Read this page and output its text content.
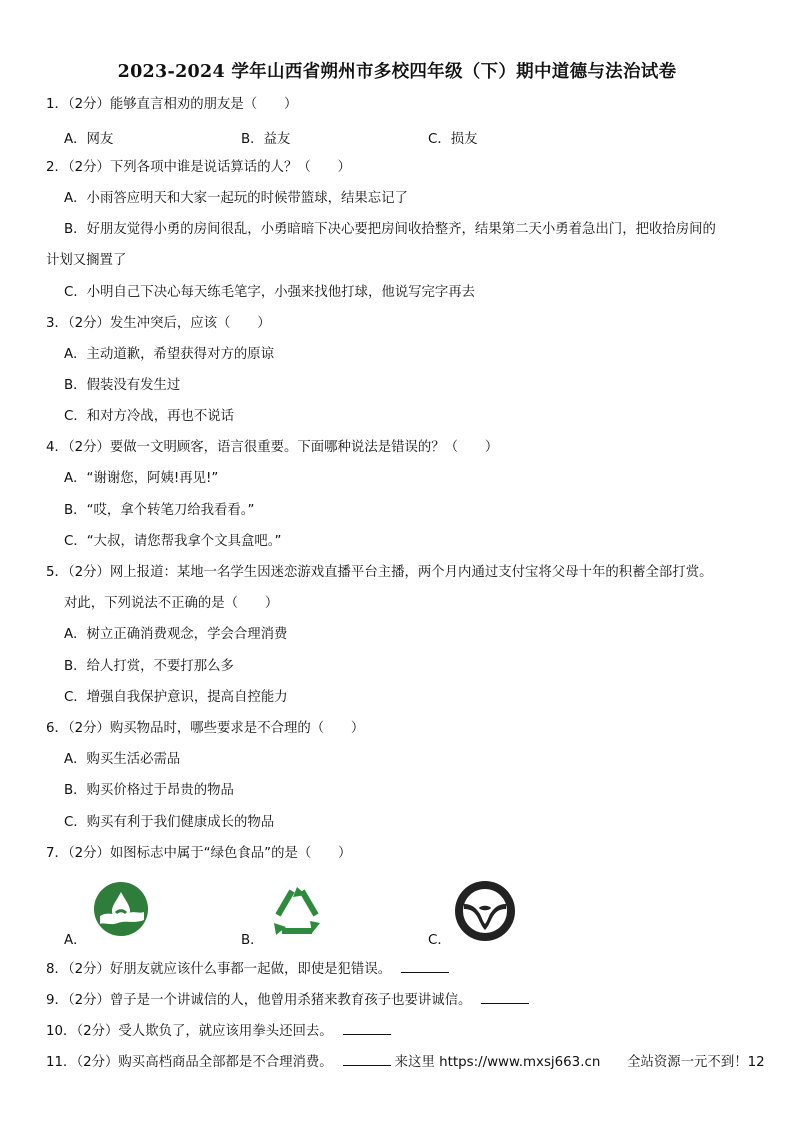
2023-2024 学年山西省朔州市多校四年级（下）期中道德与法治试卷
1．（2分）能够直言相劝的朋友是（　　）
A．网友	B．益友	C．损友
2．（2分）下列各项中谁是说话算话的人？（　　）
A．小雨答应明天和大家一起玩的时候带篮球，结果忘记了
B．好朋友觉得小勇的房间很乱，小勇暗暗下决心要把房间收拾整齐，结果第二天小勇着急出门，把收拾房间的
计划又搁置了
C．小明自己下决心每天练毛笔字，小强来找他打球，他说写完字再去
3．（2分）发生冲突后，应该（　　）
A．主动道歉，希望获得对方的原谅
B．假装没有发生过
C．和对方冷战，再也不说话
4．（2分）要做一文明顾客，语言很重要。下面哪种说法是错误的？（　　）
A．“谢谢您，阿姨!再见!”
B．“哎，拿个转笔刀给我看看。”
C．“大叔，请您帮我拿个文具盒吧。”
5．（2分）网上报道：某地一名学生因迷恋游戏直播平台主播，两个月内通过支付宝将父母十年的积蓄全部打赏。
对此，下列说法不正确的是（　　）
A．树立正确消费观念，学会合理消费
B．给人打赏，不要打那么多
C．增强自我保护意识，提高自控能力
6．（2分）购买物品时，哪些要求是不合理的（　　）
A．购买生活必需品
B．购买价格过于昂贵的物品
C．购买有利于我们健康成长的物品
7．（2分）如图标志中属于“绿色食品”的是（　　）
A．	B．	C．
8．（2分）好朋友就应该什么事都一起做，即使是犯错误。
9．（2分）曾子是一个讲诚信的人，他曾用杀猪来教育孩子也要讲诚信。
10．（2分）受人欺负了，就应该用拳头还回去。
11．（2分）购买高档商品全部都是不合理消费。	来这里 https://www.mxsj663.cn　　全站资源一元不到！12
